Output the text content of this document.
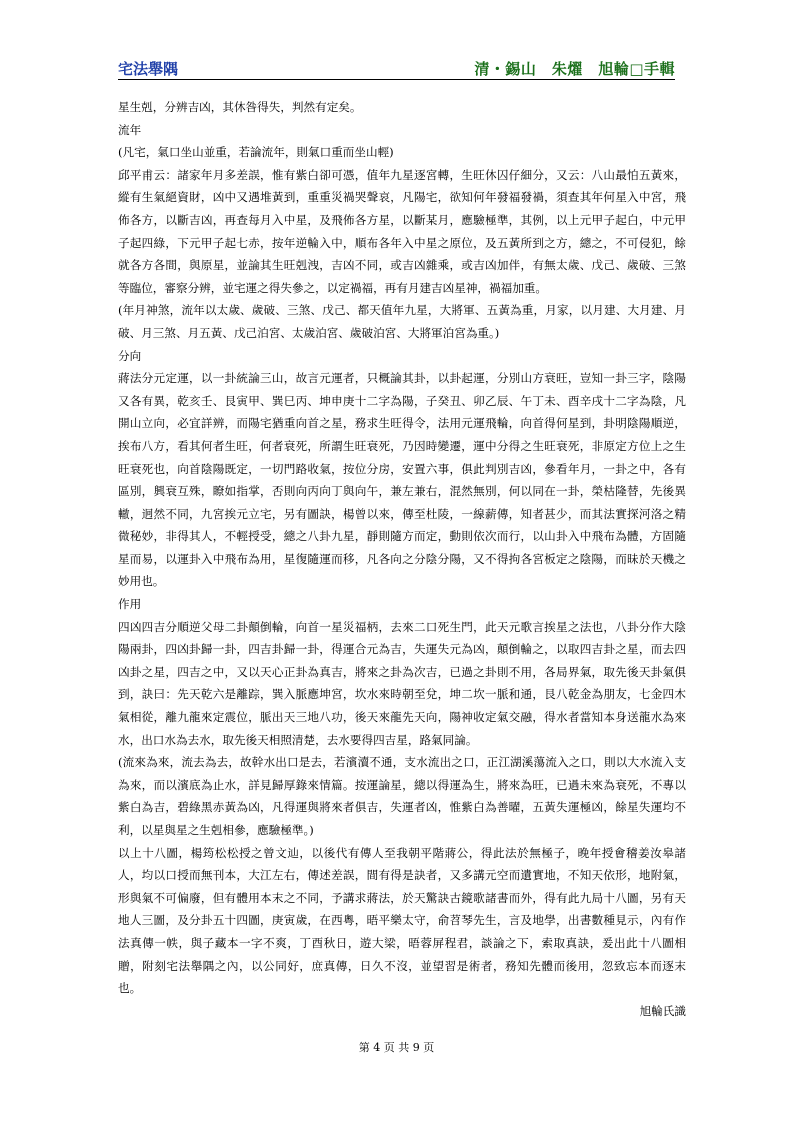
宅法舉隅	清・錫山　朱燿　旭輪□手輯

星生剋，分辨吉凶，其休咎得失，判然有定矣。

流年

(凡宅，氣口坐山並重，若論流年，則氣口重而坐山輕)

邱平甫云：諸家年月多差誤，惟有紫白卻可憑，值年九星逐宮轉，生旺休囚仔細分，又云：八山最怕五黃來，縱有生氣絕資財，凶中又遇堆黃到，重重災禍哭聲哀，凡陽宅，欲知何年發福發禍，須查其年何星入中宮，飛佈各方，以斷吉凶，再查每月入中星，及飛佈各方星，以斷某月，應驗極準，其例，以上元甲子起白，中元甲子起四綠，下元甲子起七赤，按年逆輪入中，順布各年入中星之原位，及五黃所到之方，總之，不可侵犯，餘就各方各間，與原星，並論其生旺剋洩，吉凶不同，或吉凶雜乘，或吉凶加伴，有無太歲、戊己、歲破、三煞等臨位，審察分辨，並宅運之得失參之，以定禍福，再有月建吉凶星神，禍福加重。

(年月神煞，流年以太歲、歲破、三煞、戊己、都天值年九星，大將軍、五黃為重，月家，以月建、大月建、月破、月三煞、月五黃、戊己泊宮、太歲泊宮、歲破泊宮、大將軍泊宮為重。)

分向

蔣法分元定運，以一卦統論三山，故言元運者，只概論其卦，以卦起運，分別山方衰旺，豈知一卦三字，陰陽又各有異，乾亥壬、艮寅甲、巽巳丙、坤申庚十二字為陽，子癸丑、卯乙辰、午丁未、酉辛戌十二字為陰，凡開山立向，必宜詳辨，而陽宅猶重向首之星，務求生旺得令，法用元運飛輪，向首得何星到，卦明陰陽順逆，挨布八方，看其何者生旺，何者衰死，所謂生旺衰死，乃因時變遷，運中分得之生旺衰死，非原定方位上之生旺衰死也，向首陰陽既定，一切門路收氣，按位分房，安置六事，俱此判別吉凶，參看年月，一卦之中，各有區別，興衰互殊，瞭如指掌，否則向丙向丁與向午，兼左兼右，混然無別，何以同在一卦，榮枯隆替，先後異轍，迥然不同，九宮挨元立宅，另有圖訣，楊曾以來，傳至杜陵，一線薪傳，知者甚少，而其法實探河洛之精微秘妙，非得其人，不輕授受，總之八卦九星，靜則隨方而定，動則依次而行，以山卦入中飛布為體，方固隨星而易，以運卦入中飛布為用，星復隨運而移，凡各向之分陰分陽，又不得拘各宮板定之陰陽，而昧於天機之妙用也。

作用

四凶四吉分順逆父母二卦顛倒輪，向首一星災福柄，去來二口死生門，此天元歌言挨星之法也，八卦分作大陰陽兩卦，四凶卦歸一卦，四吉卦歸一卦，得運合元為吉，失運失元為凶，顛倒輪之，以取四吉卦之星，而去四凶卦之星，四吉之中，又以天心正卦為真吉，將來之卦為次吉，已過之卦則不用，各局界氣，取先後天卦氣俱到，訣曰：先天乾六是離踪，巽入脈應坤宮，坎水來時朝至兌，坤二坎一脈和通，艮八乾金為朋友，七金四木氣相從，離九龍來定震位，脈出天三地八功，後天來龍先天向，陽神收定氣交融，得水者當知本身送龍水為來水，出口水為去水，取先後天相照清楚，去水要得四吉星，路氣同論。

(流來為來，流去為去，故幹水出口是去，若濱瀆不通，支水流出之口，正江湖溪蕩流入之口，則以大水流入支為來，而以濱底為止水，詳見歸厚錄來情篇。按運論星，總以得運為生，將來為旺，已過未來為衰死，不專以紫白為吉，碧綠黑赤黃為凶，凡得運與將來者俱吉，失運者凶，惟紫白為善曜，五黃失運極凶，餘星失運均不利，以星與星之生剋相參，應驗極準。)

以上十八圖，楊筠松松授之曾文辿，以後代有傳人至我朝平階蔣公，得此法於無極子，晚年授會稽姜汝皋諸人，均以口授而無刊本，大江左右，傳述差誤，間有得是訣者，又多講元空而遺實地，不知天依形，地附氣，形與氣不可偏廢，但有體用本末之不同，予講求蔣法，於天驚訣古鏡歌諸書而外，得有此九局十八圖，另有天地人三圖，及分卦五十四圖，庚寅歲，在西粵，晤平樂太守，俞苕琴先生，言及地學，出書數種見示，內有作法真傳一帙，與子藏本一字不爽，丁酉秋日，遊大梁，晤蓉屏程君，談論之下，索取真訣，爰出此十八圖相贈，附刻宅法舉隅之內，以公同好，庶真傳，日久不沒，並望習是術者，務知先體而後用，忽致忘本而逐末也。

旭輪氏識

第 4 页 共 9 页
